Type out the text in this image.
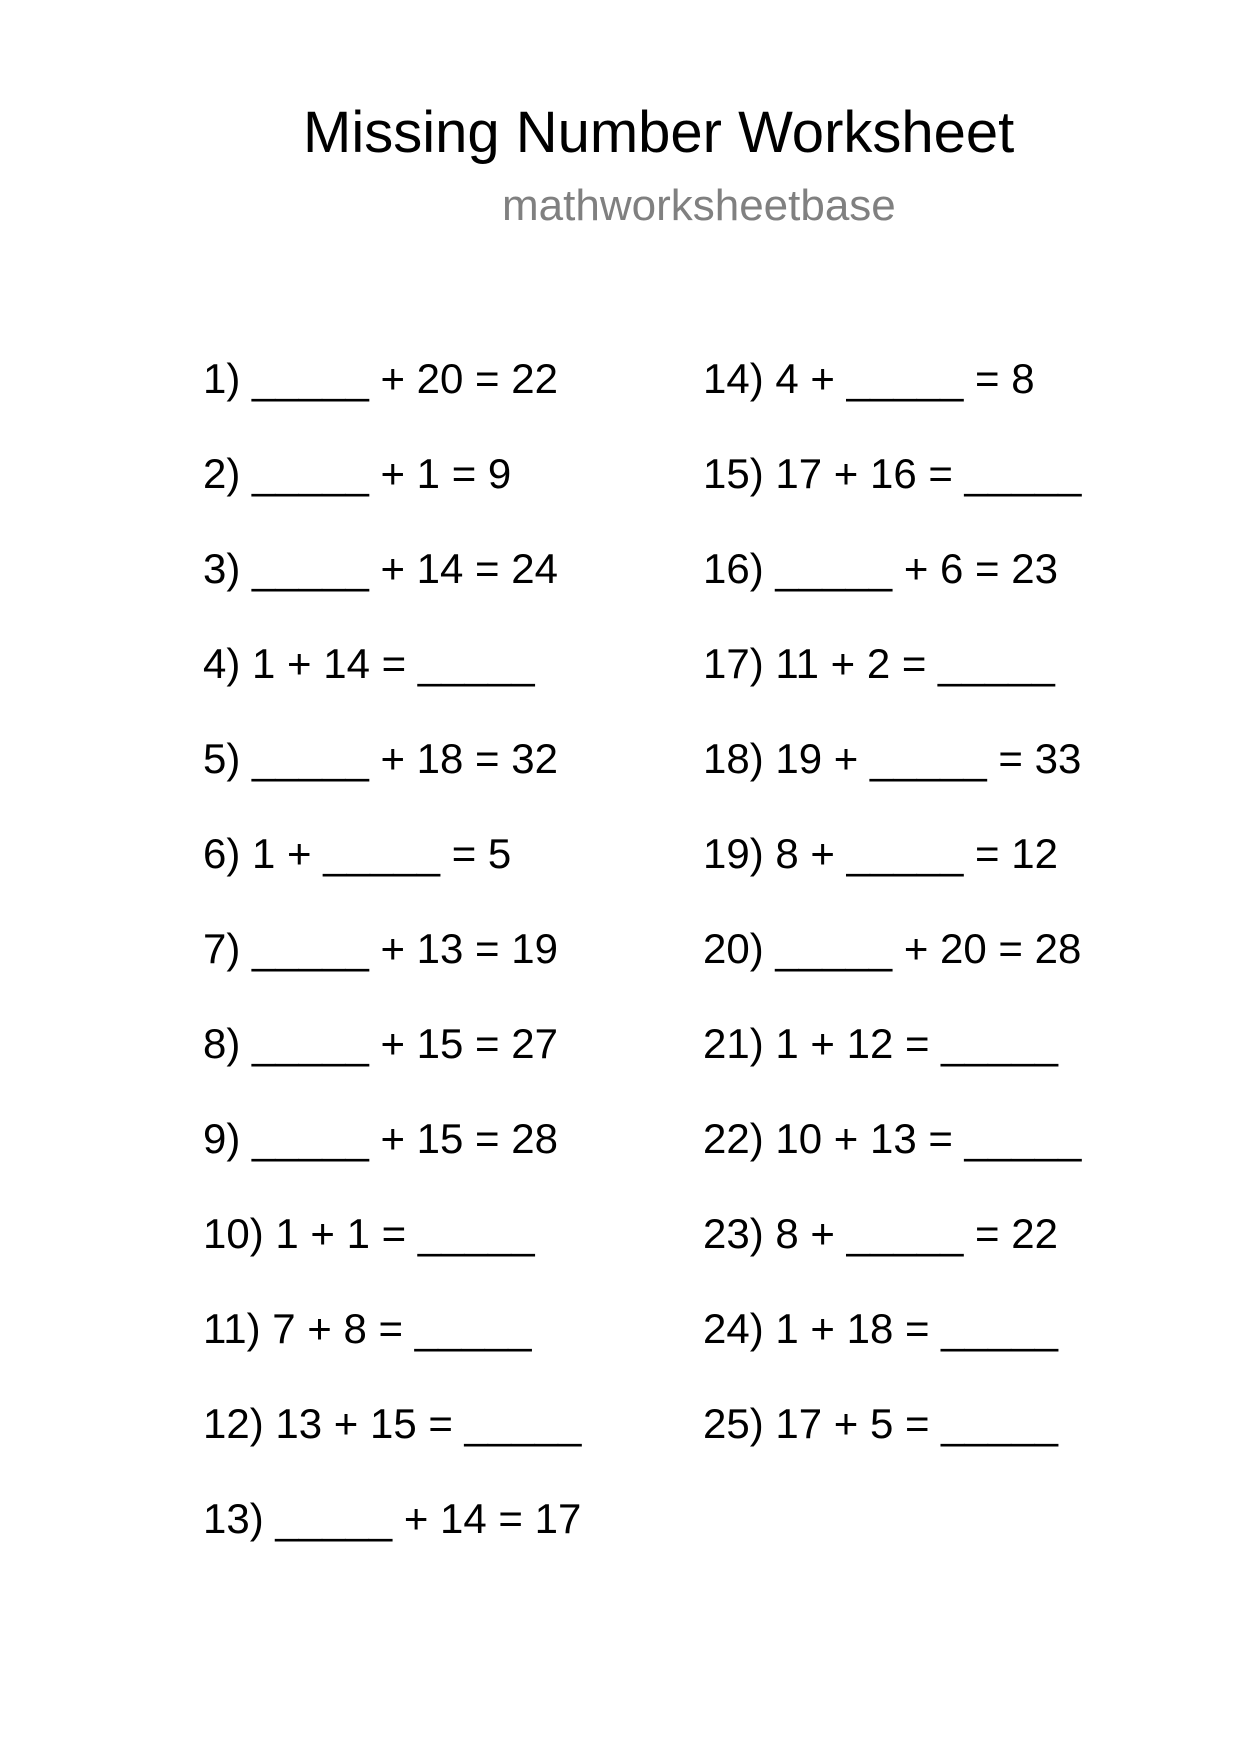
Missing Number Worksheet
mathworksheetbase
1) _____ + 20 = 22
2) _____ + 1 = 9
3) _____ + 14 = 24
4) 1 + 14 = _____
5) _____ + 18 = 32
6) 1 + _____ = 5
7) _____ + 13 = 19
8) _____ + 15 = 27
9) _____ + 15 = 28
10) 1 + 1 = _____
11) 7 + 8 = _____
12) 13 + 15 = _____
13) _____ + 14 = 17
14) 4 + _____ = 8
15) 17 + 16 = _____
16) _____ + 6 = 23
17) 11 + 2 = _____
18) 19 + _____ = 33
19) 8 + _____ = 12
20) _____ + 20 = 28
21) 1 + 12 = _____
22) 10 + 13 = _____
23) 8 + _____ = 22
24) 1 + 18 = _____
25) 17 + 5 = _____
